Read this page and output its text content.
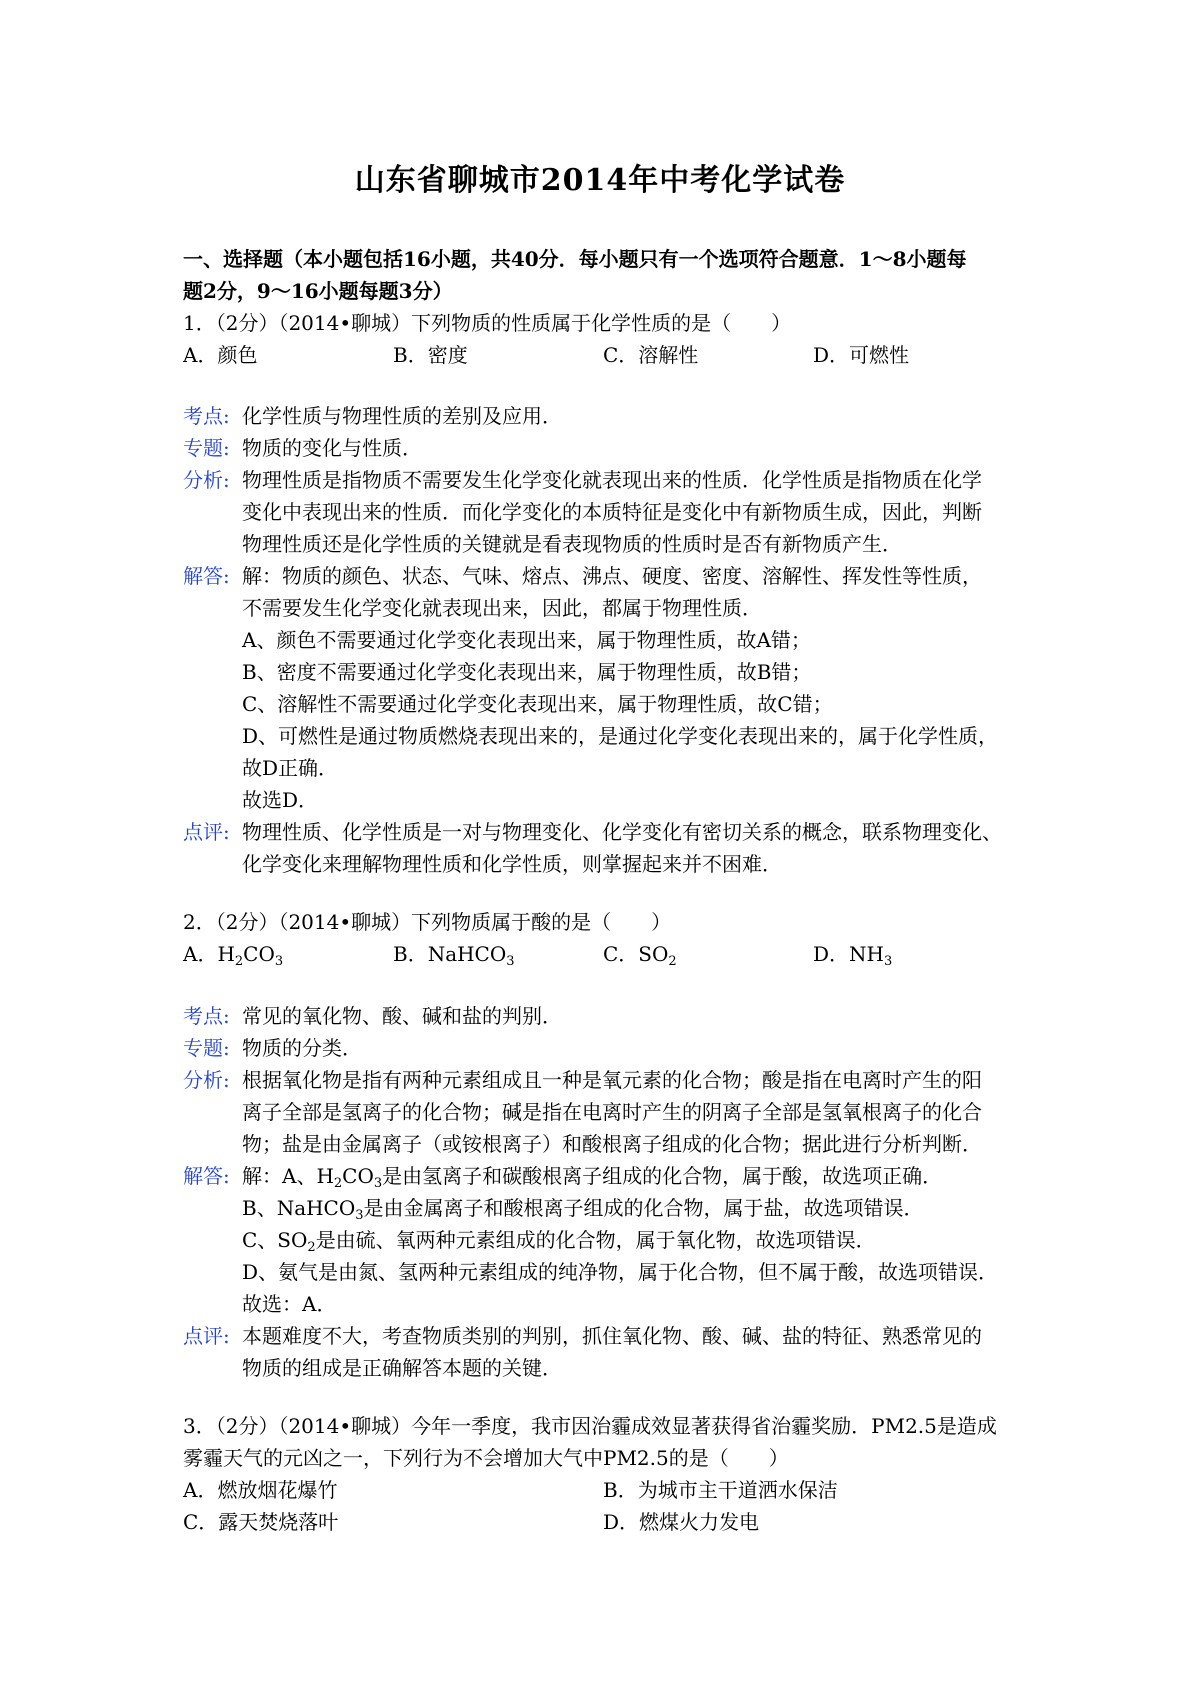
山东省聊城市2014年中考化学试卷
一、选择题（本小题包括16小题，共40分．每小题只有一个选项符合题意．1～8小题每
题2分，9～16小题每题3分）
1．（2分）（2014•聊城）下列物质的性质属于化学性质的是（　　）
A．颜色	B．密度	C．溶解性	D．可燃性
考点: 化学性质与物理性质的差别及应用．
专题: 物质的变化与性质．
分析: 物理性质是指物质不需要发生化学变化就表现出来的性质．化学性质是指物质在化学
变化中表现出来的性质．而化学变化的本质特征是变化中有新物质生成，因此，判断
物理性质还是化学性质的关键就是看表现物质的性质时是否有新物质产生．
解答: 解：物质的颜色、状态、气味、熔点、沸点、硬度、密度、溶解性、挥发性等性质，
不需要发生化学变化就表现出来，因此，都属于物理性质．
A、颜色不需要通过化学变化表现出来，属于物理性质，故A错；
B、密度不需要通过化学变化表现出来，属于物理性质，故B错；
C、溶解性不需要通过化学变化表现出来，属于物理性质，故C错；
D、可燃性是通过物质燃烧表现出来的，是通过化学变化表现出来的，属于化学性质，
故D正确．
故选D．
点评: 物理性质、化学性质是一对与物理变化、化学变化有密切关系的概念，联系物理变化、
化学变化来理解物理性质和化学性质，则掌握起来并不困难．
2．（2分）（2014•聊城）下列物质属于酸的是（　　）
A．$H_2CO_3$	B．NaHCO$_3$	C．$SO_2$	D．$NH_3$
考点: 常见的氧化物、酸、碱和盐的判别．
专题: 物质的分类．
分析: 根据氧化物是指有两种元素组成且一种是氧元素的化合物；酸是指在电离时产生的阳
离子全部是氢离子的化合物；碱是指在电离时产生的阴离子全部是氢氧根离子的化合
物；盐是由金属离子（或铵根离子）和酸根离子组成的化合物；据此进行分析判断．
解答: 解：A、$H_2CO_3$是由氢离子和碳酸根离子组成的化合物，属于酸，故选项正确．
B、NaHCO$_3$是由金属离子和酸根离子组成的化合物，属于盐，故选项错误．
C、$SO_2$是由硫、氧两种元素组成的化合物，属于氧化物，故选项错误．
D、氨气是由氮、氢两种元素组成的纯净物，属于化合物，但不属于酸，故选项错误．
故选：A．
点评: 本题难度不大，考查物质类别的判别，抓住氧化物、酸、碱、盐的特征、熟悉常见的
物质的组成是正确解答本题的关键．
3．（2分）（2014•聊城）今年一季度，我市因治霾成效显著获得省治霾奖励．PM2.5是造成
雾霾天气的元凶之一，下列行为不会增加大气中PM2.5的是（　　）
A．燃放烟花爆竹	B．为城市主干道洒水保洁
C．露天焚烧落叶	D．燃煤火力发电
